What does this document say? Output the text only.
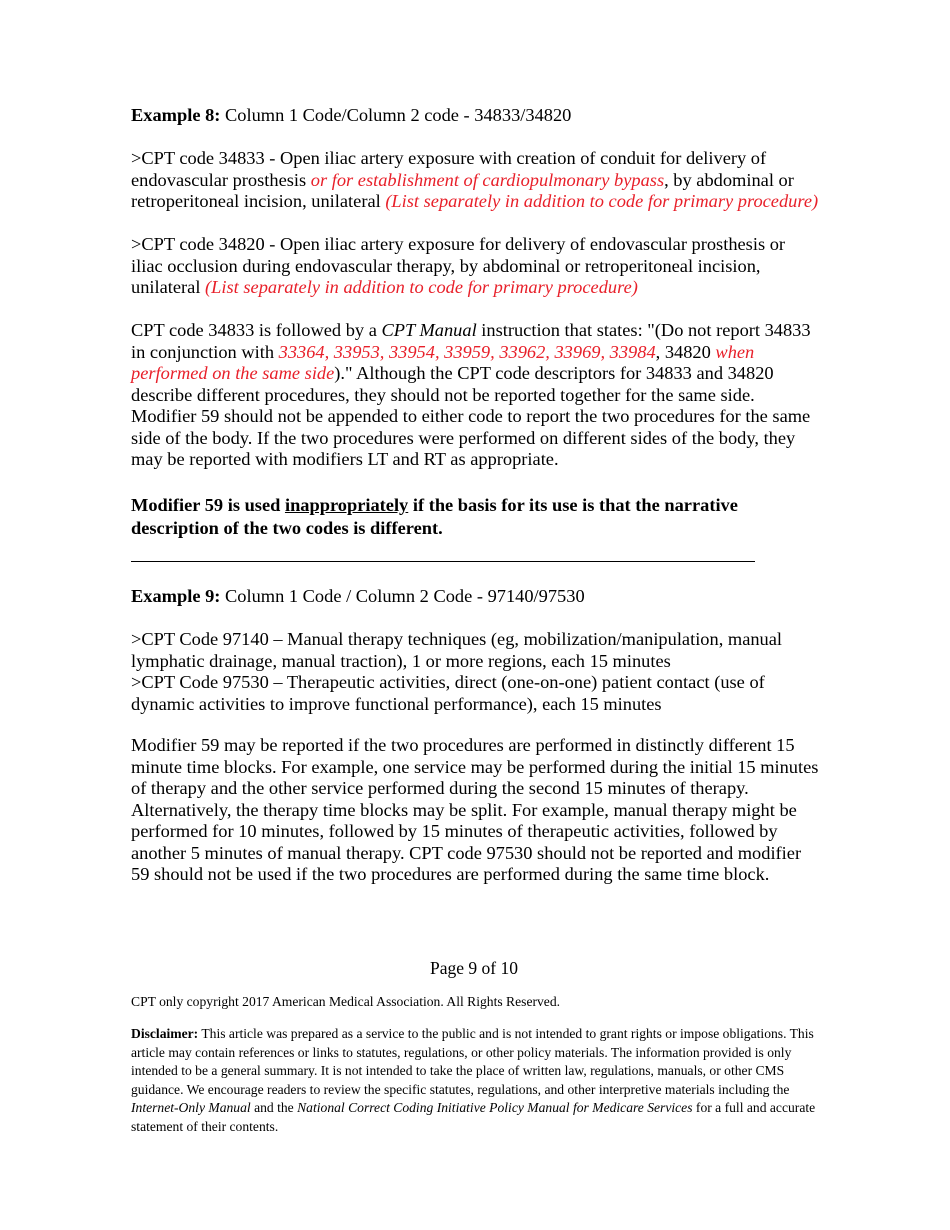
Example 8: Column 1 Code/Column 2 code - 34833/34820

>CPT code 34833 - Open iliac artery exposure with creation of conduit for delivery of endovascular prosthesis or for establishment of cardiopulmonary bypass, by abdominal or retroperitoneal incision, unilateral (List separately in addition to code for primary procedure)

>CPT code 34820 - Open iliac artery exposure for delivery of endovascular prosthesis or iliac occlusion during endovascular therapy, by abdominal or retroperitoneal incision, unilateral (List separately in addition to code for primary procedure)

CPT code 34833 is followed by a CPT Manual instruction that states: "(Do not report 34833 in conjunction with 33364, 33953, 33954, 33959, 33962, 33969, 33984, 34820 when performed on the same side)." Although the CPT code descriptors for 34833 and 34820 describe different procedures, they should not be reported together for the same side. Modifier 59 should not be appended to either code to report the two procedures for the same side of the body. If the two procedures were performed on different sides of the body, they may be reported with modifiers LT and RT as appropriate.

Modifier 59 is used inappropriately if the basis for its use is that the narrative description of the two codes is different.

Example 9: Column 1 Code / Column 2 Code - 97140/97530

>CPT Code 97140 – Manual therapy techniques (eg, mobilization/manipulation, manual lymphatic drainage, manual traction), 1 or more regions, each 15 minutes

>CPT Code 97530 – Therapeutic activities, direct (one-on-one) patient contact (use of dynamic activities to improve functional performance), each 15 minutes

Modifier 59 may be reported if the two procedures are performed in distinctly different 15 minute time blocks. For example, one service may be performed during the initial 15 minutes of therapy and the other service performed during the second 15 minutes of therapy. Alternatively, the therapy time blocks may be split. For example, manual therapy might be performed for 10 minutes, followed by 15 minutes of therapeutic activities, followed by another 5 minutes of manual therapy. CPT code 97530 should not be reported and modifier 59 should not be used if the two procedures are performed during the same time block.

Page 9 of 10

CPT only copyright 2017 American Medical Association. All Rights Reserved.

Disclaimer: This article was prepared as a service to the public and is not intended to grant rights or impose obligations. This article may contain references or links to statutes, regulations, or other policy materials. The information provided is only intended to be a general summary. It is not intended to take the place of written law, regulations, manuals, or other CMS guidance. We encourage readers to review the specific statutes, regulations, and other interpretive materials including the Internet-Only Manual and the National Correct Coding Initiative Policy Manual for Medicare Services for a full and accurate statement of their contents.
